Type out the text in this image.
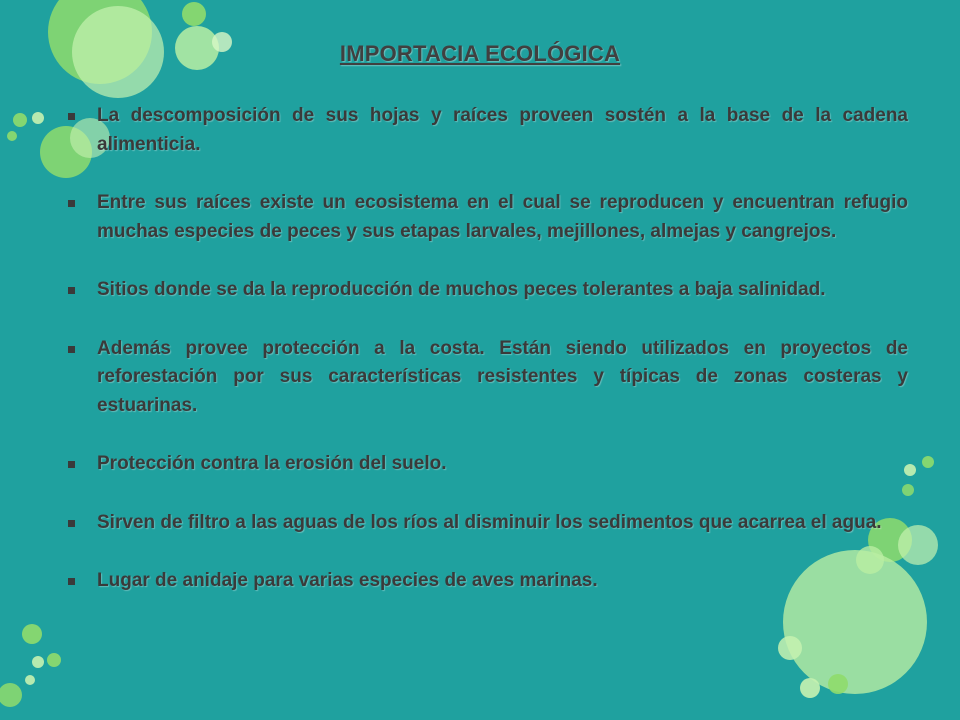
IMPORTACIA ECOLÓGICA
La descomposición de sus hojas y raíces proveen sostén a la base de la cadena alimenticia.
Entre sus raíces existe un ecosistema en el cual se reproducen y encuentran refugio muchas especies de peces y sus etapas larvales, mejillones, almejas y cangrejos.
Sitios donde se da la reproducción de muchos peces tolerantes a baja salinidad.
Además provee protección a la costa. Están siendo utilizados en proyectos de reforestación por sus características resistentes y típicas de zonas costeras y estuarinas.
Protección contra la erosión del suelo.
Sirven de filtro a las aguas de los ríos al disminuir los sedimentos que acarrea el agua.
Lugar de anidaje para varias especies de aves marinas.
